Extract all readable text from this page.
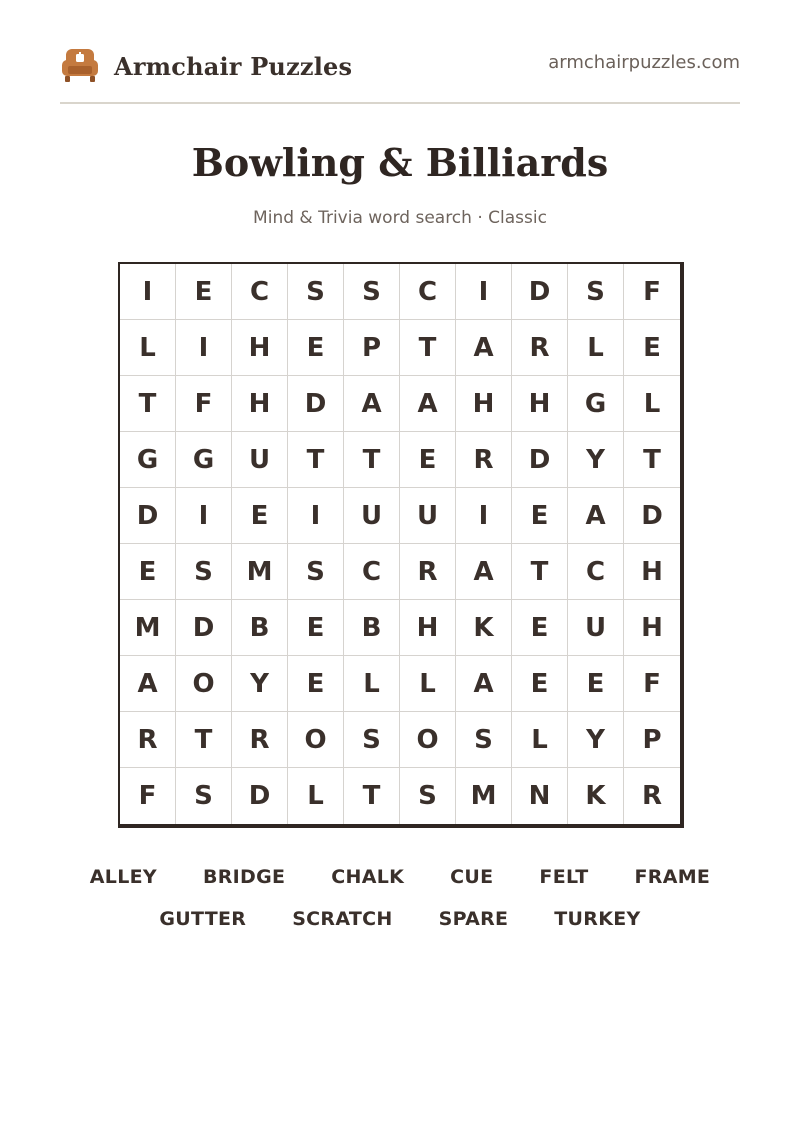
Armchair Puzzles	armchairpuzzles.com
Bowling & Billiards
Mind & Trivia word search · Classic
I	E	C	S	S	C	I	D	S	F
L	I	H	E	P	T	A	R	L	E
T	F	H	D	A	A	H	H	G	L
G	G	U	T	T	E	R	D	Y	T
D	I	E	I	U	U	I	E	A	D
E	S	M	S	C	R	A	T	C	H
M	D	B	E	B	H	K	E	U	H
A	O	Y	E	L	L	A	E	E	F
R	T	R	O	S	O	S	L	Y	P
F	S	D	L	T	S	M	N	K	R
ALLEY BRIDGE CHALK CUE FELT FRAME
GUTTER SCRATCH SPARE TURKEY
